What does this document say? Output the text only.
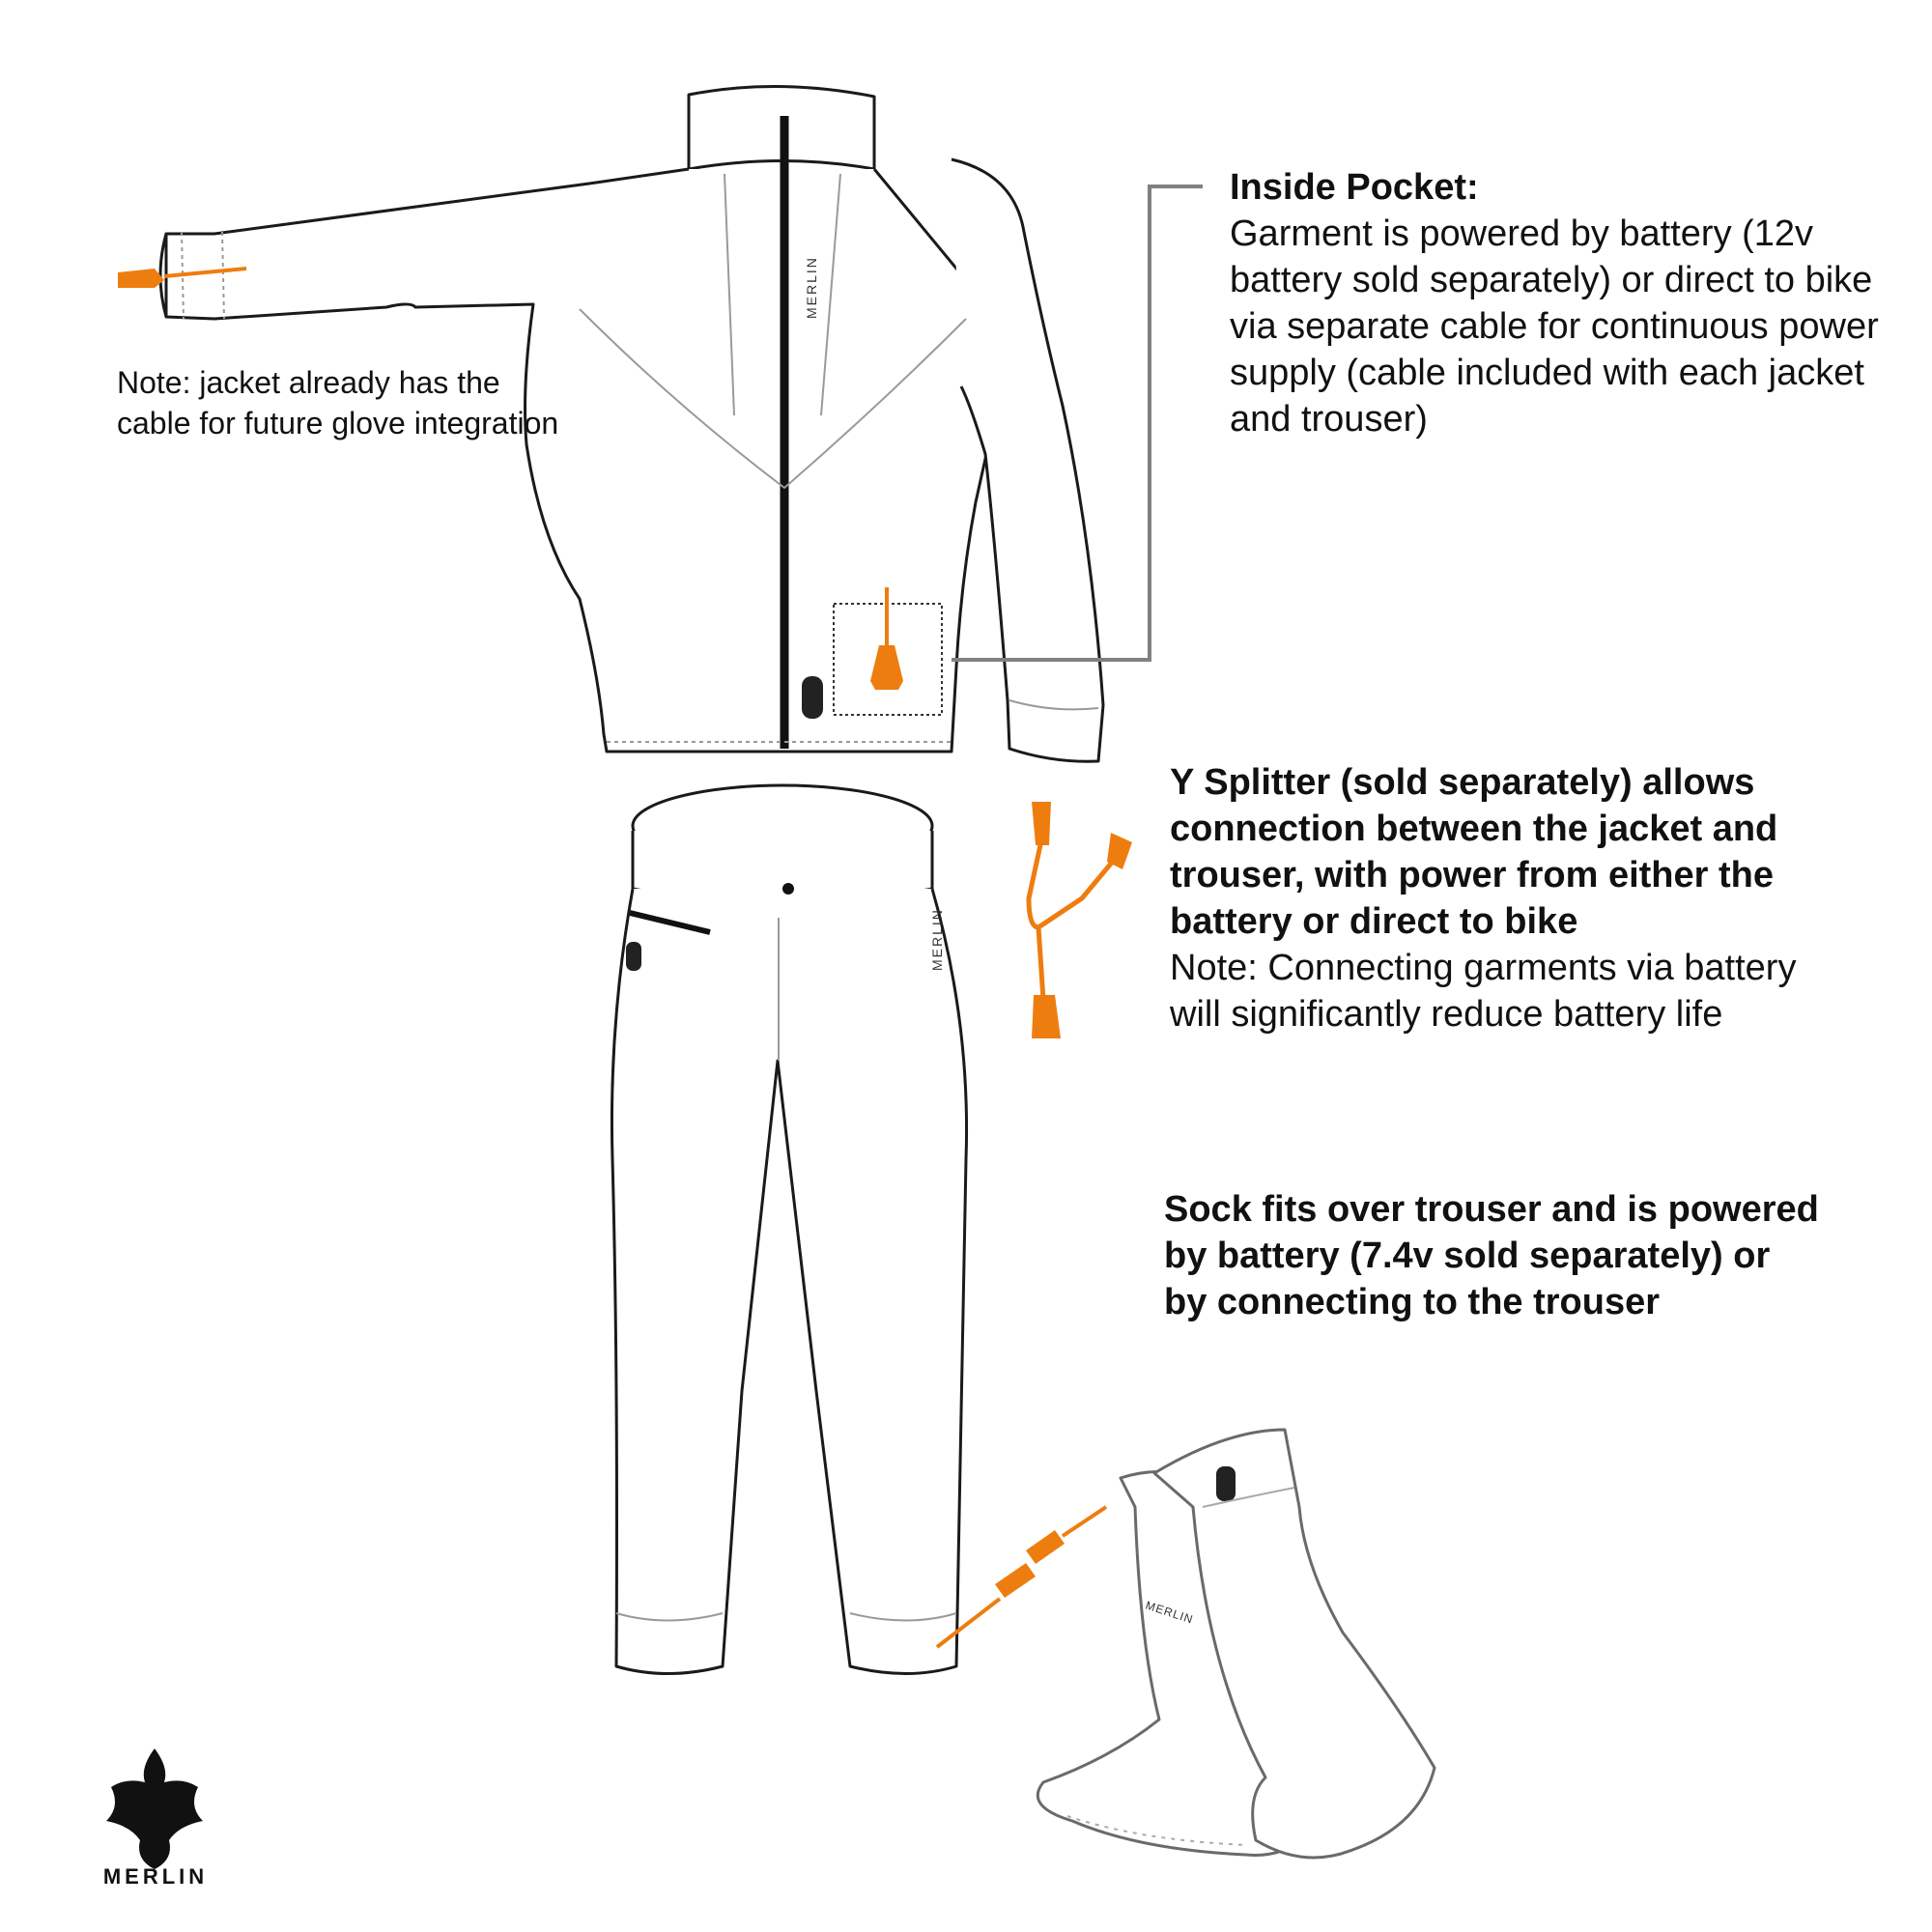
MERLIN
MERLIN
MERLIN

Note: jacket already has the cable for future glove integration

Inside Pocket:
Garment is powered by battery (12v battery sold separately) or direct to bike via separate cable for continuous power supply (cable included with each jacket and trouser)
Y Splitter (sold separately) allows connection between the jacket and trouser, with power from either the battery or direct to bike
Note: Connecting garments via battery will significantly reduce battery life

Sock fits over trouser and is powered by battery (7.4v sold separately) or by connecting to the trouser

MERLIN
